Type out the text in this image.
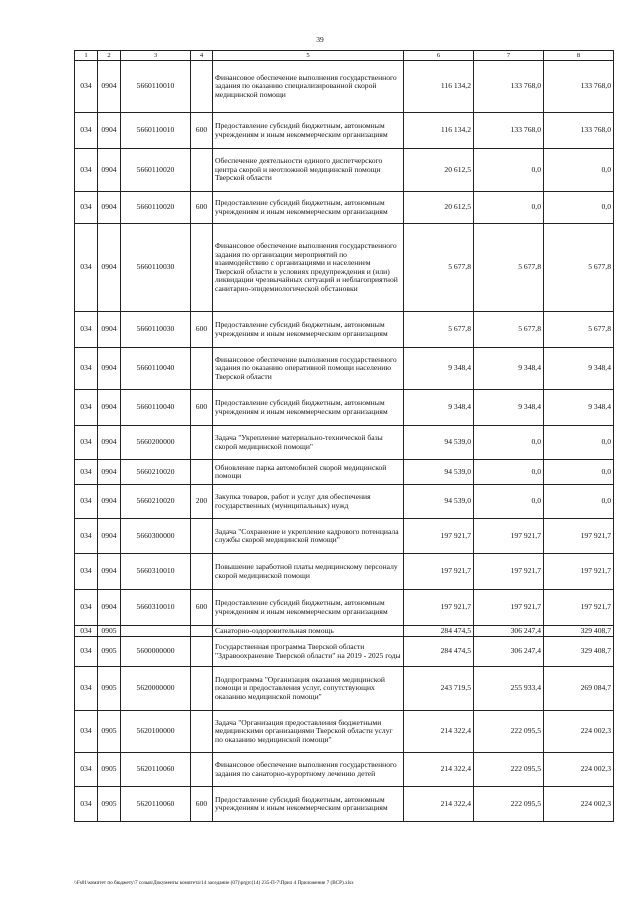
39
1	2	3	4	5	6	7	8
034	0904	5660110010		Финансовое обеспечение выполнения государственного задания по оказанию специализированной скорой медицинской помощи	116 134,2	133 768,0	133 768,0
034	0904	5660110010	600	Предоставление субсидий бюджетным, автономным учреждениям и иным некоммерческим организациям	116 134,2	133 768,0	133 768,0
034	0904	5660110020		Обеспечение деятельности единого диспетчерского центра скорой и неотложной медицинской помощи Тверской области	20 612,5	0,0	0,0
034	0904	5660110020	600	Предоставление субсидий бюджетным, автономным учреждениям и иным некоммерческим организациям	20 612,5	0,0	0,0
034	0904	5660110030		Финансовое обеспечение выполнения государственного задания по организации мероприятий по взаимодействию с организациями и населением Тверской области в условиях предупреждения и (или) ликвидации чрезвычайных ситуаций и неблагоприятной санитарно-эпидемиологической обстановки	5 677,8	5 677,8	5 677,8
034	0904	5660110030	600	Предоставление субсидий бюджетным, автономным учреждениям и иным некоммерческим организациям	5 677,8	5 677,8	5 677,8
034	0904	5660110040		Финансовое обеспечение выполнения государственного задания по оказанию оперативной помощи населению Тверской области	9 348,4	9 348,4	9 348,4
034	0904	5660110040	600	Предоставление субсидий бюджетным, автономным учреждениям и иным некоммерческим организациям	9 348,4	9 348,4	9 348,4
034	0904	5660200000		Задача "Укрепление материально-технической базы скорой медицинской помощи"	94 539,0	0,0	0,0
034	0904	5660210020		Обновление парка автомобилей скорой медицинской помощи	94 539,0	0,0	0,0
034	0904	5660210020	200	Закупка товаров, работ и услуг для обеспечения государственных (муниципальных) нужд	94 539,0	0,0	0,0
034	0904	5660300000		Задача "Сохранение и укрепление кадрового потенциала службы скорой медицинской помощи"	197 921,7	197 921,7	197 921,7
034	0904	5660310010		Повышение заработной платы медицинскому персоналу скорой медицинской помощи	197 921,7	197 921,7	197 921,7
034	0904	5660310010	600	Предоставление субсидий бюджетным, автономным учреждениям и иным некоммерческим организациям	197 921,7	197 921,7	197 921,7
034	0905			Санаторно-оздоровительная помощь	284 474,5	306 247,4	329 408,7
034	0905	5600000000		Государственная программа Тверской области "Здравоохранение Тверской области" на 2019 - 2025 годы	284 474,5	306 247,4	329 408,7
034	0905	5620000000		Подпрограмма "Организация оказания медицинской помощи и предоставления услуг, сопутствующих оказанию медицинской помощи"	243 719,5	255 933,4	269 084,7
034	0905	5620100000		Задача "Организация предоставления бюджетными медицинскими организациями Тверской области услуг по оказанию медицинской помощи"	214 322,4	222 095,5	224 002,3
034	0905	5620110060		Финансовое обеспечение выполнения государственного задания по санаторно-курортному лечению детей	214 322,4	222 095,5	224 002,3
034	0905	5620110060	600	Предоставление субсидий бюджетным, автономным учреждениям и иным некоммерческим организациям	214 322,4	222 095,5	224 002,3
\\Fs01\комитет по бюджету\7 созыв\Документы комитета\14 заседание (07)\prgrc(14) 235-П-7\Прил 4 Приложение 7 (ВСР).xlsx
